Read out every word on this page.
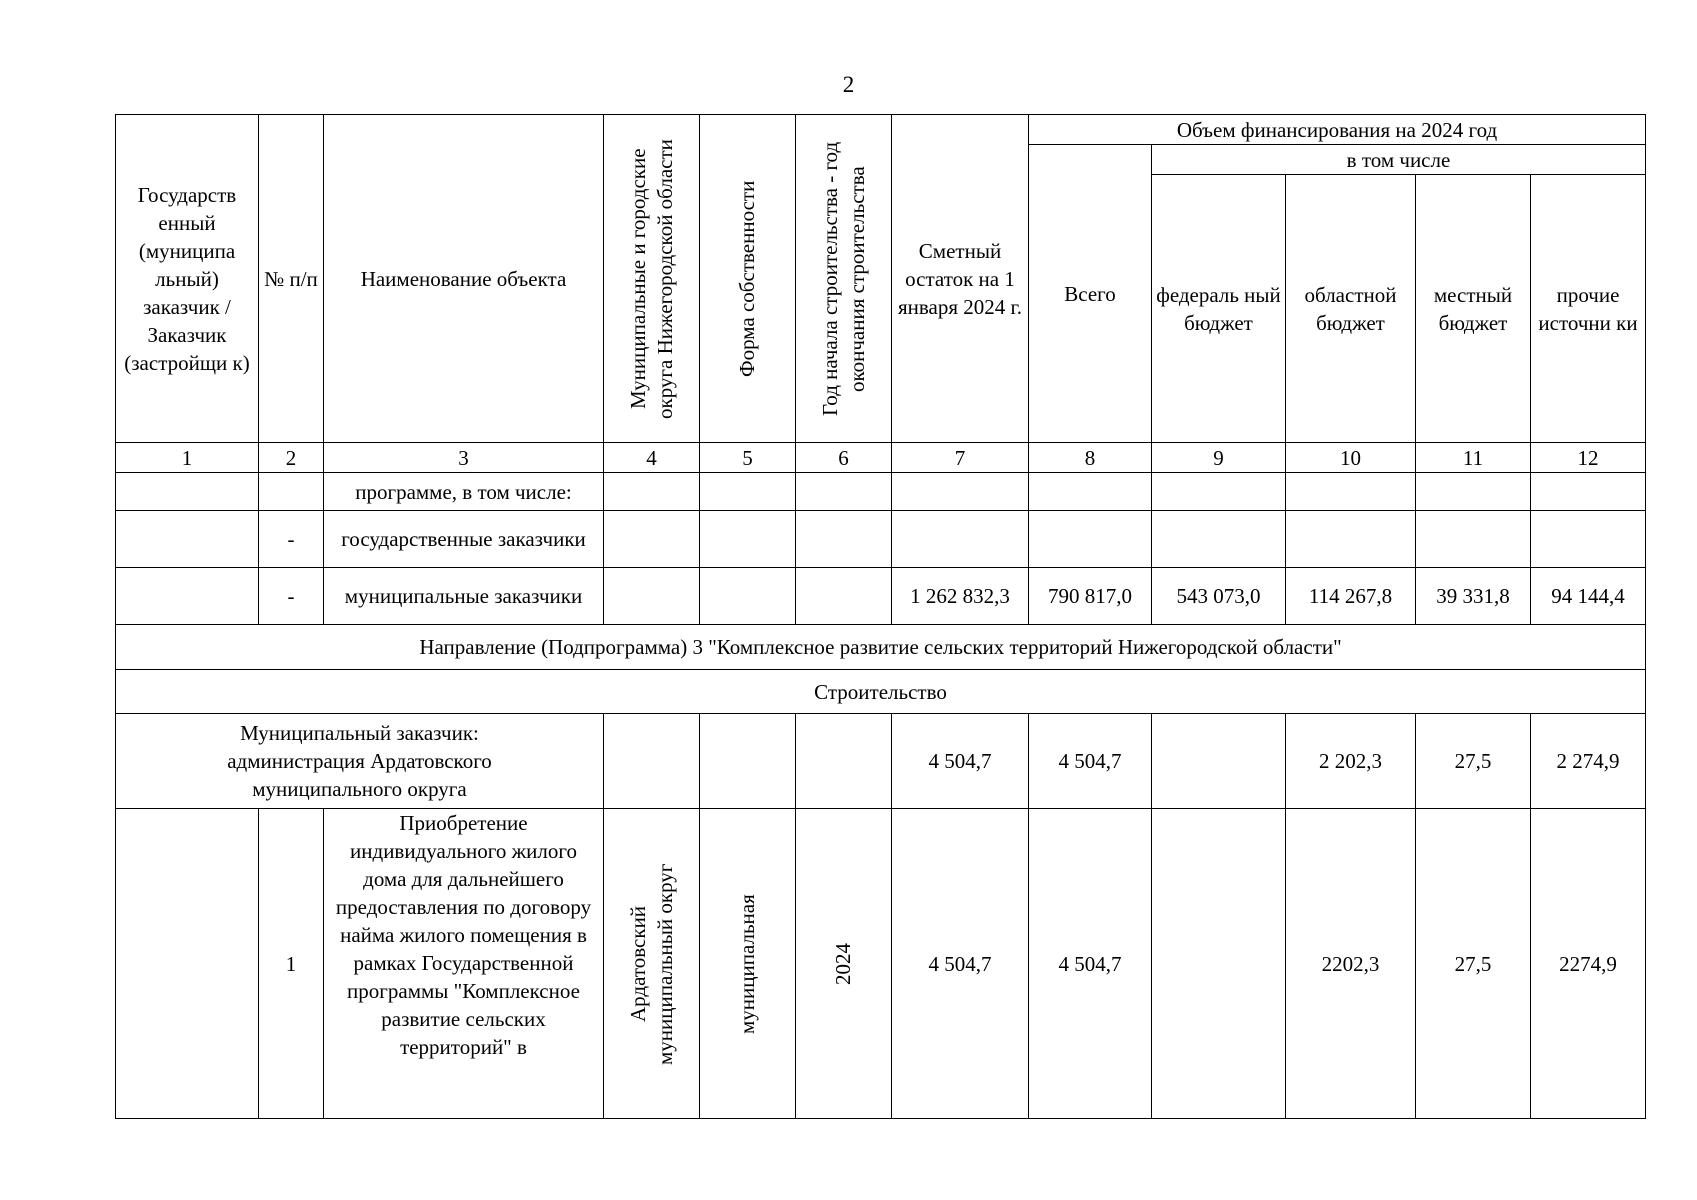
2
Государств енный (муниципа льный) заказчик / Заказчик (застройщи к)	№ п/п	Наименование объекта	Муниципальные и городские округа Нижегородской области	Форма собственности	Год начала строительства - год окончания строительства	Сметный остаток на 1 января 2024 г.	Объем финансирования на 2024 год				
							Всего	в том числе			
								федераль ный бюджет	областной бюджет	местный бюджет	прочие источни ки
1	2	3	4	5	6	7	8	9	10	11	12
		программе, в том числе:									
	-	государственные заказчики									
	-	муниципальные заказчики				1 262 832,3	790 817,0	543 073,0	114 267,8	39 331,8	94 144,4
Направление (Подпрограмма) 3 "Комплексное развитие сельских территорий Нижегородской области"											
Строительство											
Муниципальный заказчик: администрация Ардатовского муниципального округа						4 504,7	4 504,7		2 202,3	27,5	2 274,9
	1	Приобретение индивидуального жилого дома для дальнейшего предоставления по договору найма жилого помещения в рамках Государственной программы "Комплексное развитие сельских территорий" в	Ардатовский муниципальный округ	муниципальная	2024	4 504,7	4 504,7		2202,3	27,5	2274,9
